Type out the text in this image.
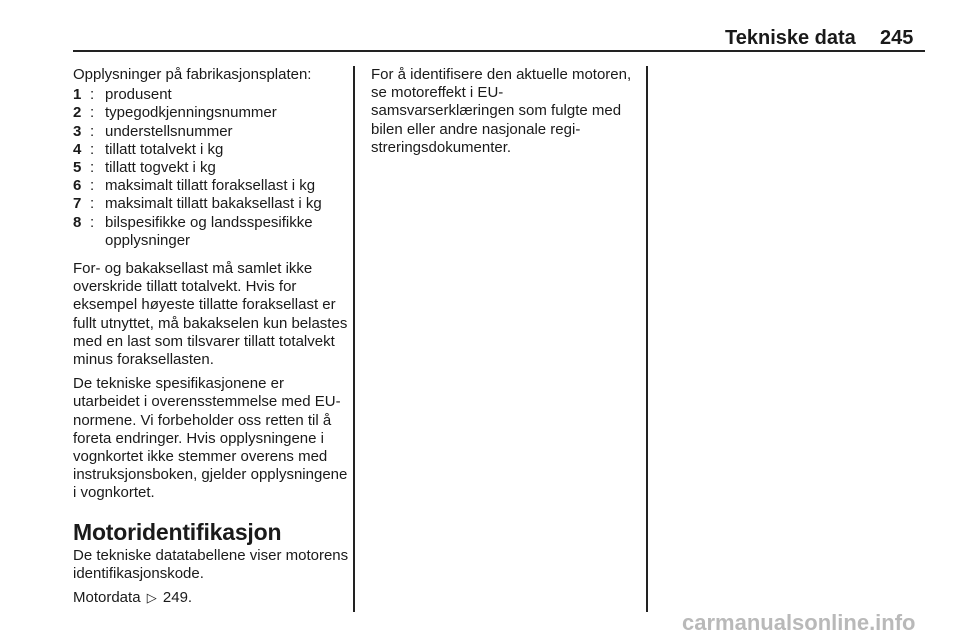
Tekniske data 245

Opplysninger på fabrikasjonsplaten:

1 : produsent
2 : typegodkjenningsnummer
3 : understellsnummer
4 : tillatt totalvekt i kg
5 : tillatt togvekt i kg
6 : maksimalt tillatt foraksellast i kg
7 : maksimalt tillatt bakaksellast i kg
8 : bilspesifikke og landsspesifikke opplysninger

For- og bakaksellast må samlet ikke overskride tillatt totalvekt. Hvis for eksempel høyeste tillatte foraksellast er fullt utnyttet, må bakakselen kun belastes med en last som tilsvarer tillatt totalvekt minus foraksellasten.

De tekniske spesifikasjonene er utarbeidet i overensstemmelse med EU-normene. Vi forbeholder oss retten til å foreta endringer. Hvis opplysningene i vognkortet ikke stemmer overens med instruksjonsboken, gjelder opplysningene i vognkortet.

Motoridentifikasjon

De tekniske datatabellene viser motorens identifikasjonskode.

Motordata ▷ 249.

For å identifisere den aktuelle motoren, se motoreffekt i EU-samsvarserklæringen som fulgte med bilen eller andre nasjonale registreringsdokumenter.

carmanualsonline.info
